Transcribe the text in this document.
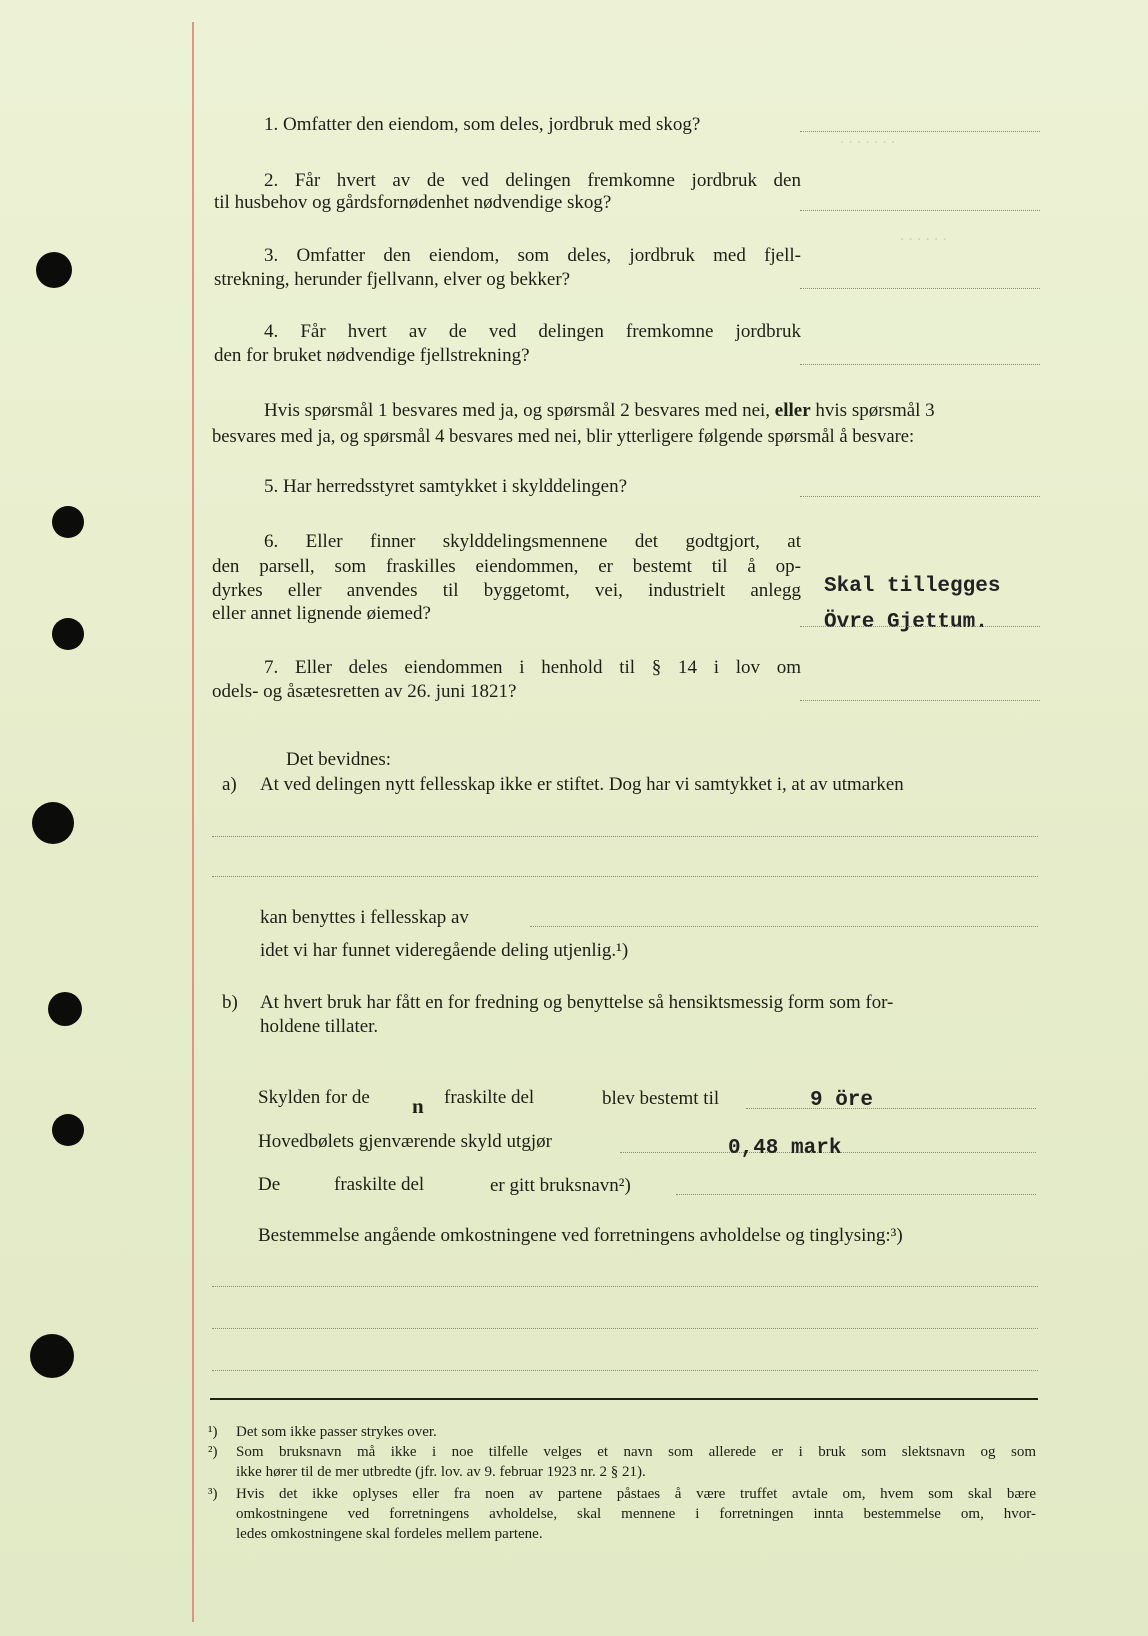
. . . . . . .
. . . . . .
1. Omfatter den eiendom, som deles, jordbruk med skog?
2. Får hvert av de ved delingen fremkomne jordbruk den
til husbehov og gårdsfornødenhet nødvendige skog?
3. Omfatter den eiendom, som deles, jordbruk med fjell-
strekning, herunder fjellvann, elver og bekker?
4. Får hvert av de ved delingen fremkomne jordbruk
den for bruket nødvendige fjellstrekning?
Hvis spørsmål 1 besvares med ja, og spørsmål 2 besvares med nei, eller hvis spørsmål 3
besvares med ja, og spørsmål 4 besvares med nei, blir ytterligere følgende spørsmål å besvare:
5. Har herredsstyret samtykket i skylddelingen?
6. Eller finner skylddelingsmennene det godtgjort, at
den parsell, som fraskilles eiendommen, er bestemt til å op-
dyrkes eller anvendes til byggetomt, vei, industrielt anlegg
eller annet lignende øiemed?
Skal tillegges
Övre Gjettum.
7. Eller deles eiendommen i henhold til § 14 i lov om
odels- og åsætesretten av 26. juni 1821?
Det bevidnes:
a) At ved delingen nytt fellesskap ikke er stiftet. Dog har vi samtykket i, at av utmarken
kan benyttes i fellesskap av
idet vi har funnet videregående deling utjenlig.¹)
b) At hvert bruk har fått en for fredning og benyttelse så hensiktsmessig form som for-
holdene tillater.
Skylden for de n fraskilte del	blev bestemt til	9 öre
Hovedbølets gjenværende skyld utgjør	0,48 mark
De	fraskilte del	er gitt bruksnavn²)
Bestemmelse angående omkostningene ved forretningens avholdelse og tinglysing:³)
¹) Det som ikke passer strykes over.
²) Som bruksnavn må ikke i noe tilfelle velges et navn som allerede er i bruk som slektsnavn og som
ikke hører til de mer utbredte (jfr. lov. av 9. februar 1923 nr. 2 § 21).
³) Hvis det ikke oplyses eller fra noen av partene påstaes å være truffet avtale om, hvem som skal bære
omkostningene ved forretningens avholdelse, skal mennene i forretningen innta bestemmelse om, hvor-
ledes omkostningene skal fordeles mellem partene.
